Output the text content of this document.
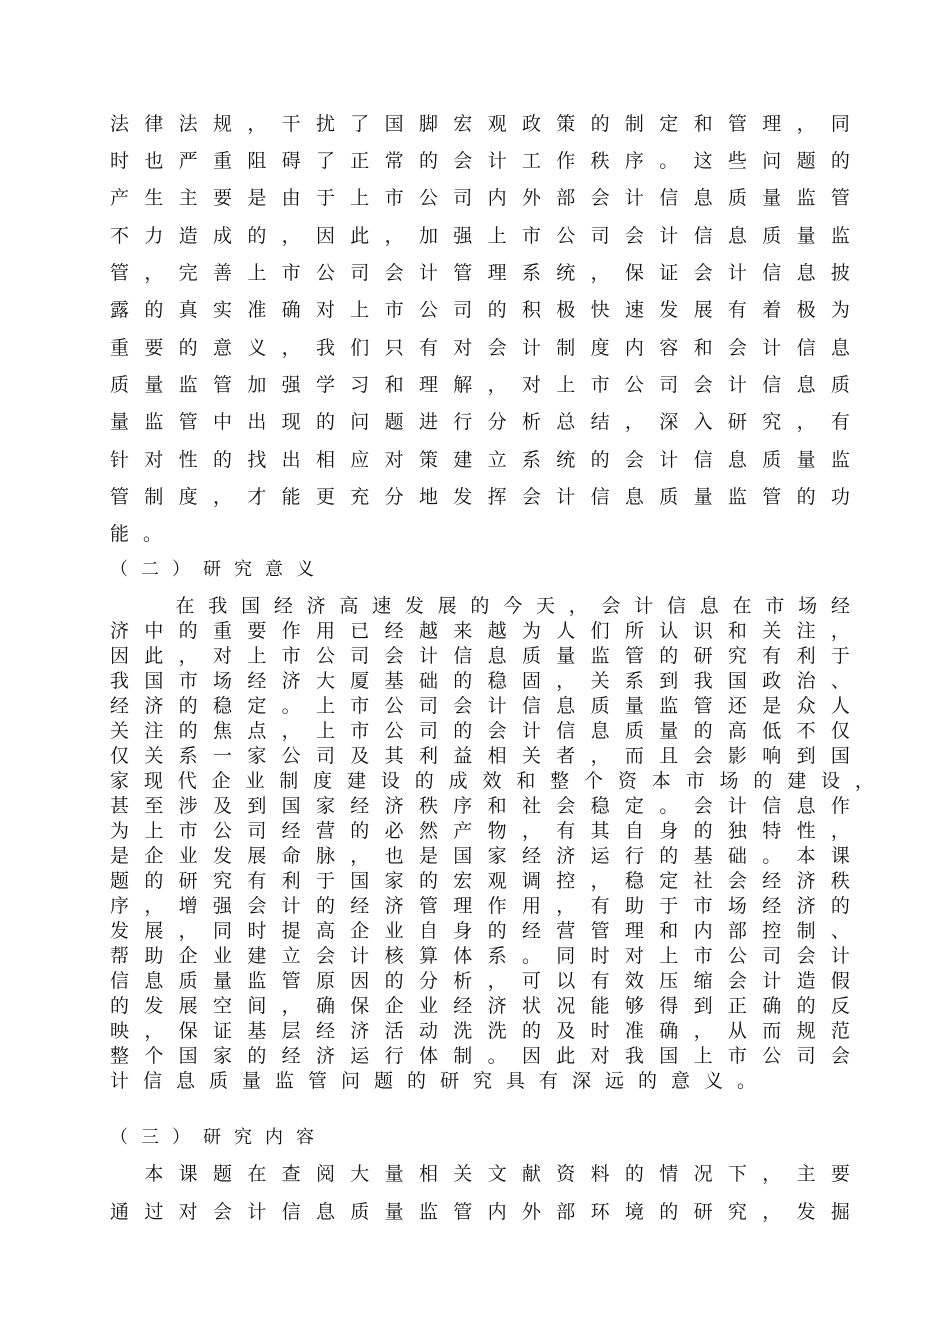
法 律 法 规 ， 干 扰 了 国 脚 宏 观 政 策 的 制 定 和 管 理 ， 同
时 也 严 重 阻 碍 了 正 常 的 会 计 工 作 秩 序 。 这 些 问 题 的
产 生 主 要 是 由 于 上 市 公 司 内 外 部 会 计 信 息 质 量 监 管
不 力 造 成 的 ， 因 此 ， 加 强 上 市 公 司 会 计 信 息 质 量 监
管 ， 完 善 上 市 公 司 会 计 管 理 系 统 ， 保 证 会 计 信 息 披
露 的 真 实 准 确 对 上 市 公 司 的 积 极 快 速 发 展 有 着 极 为
重 要 的 意 义 ， 我 们 只 有 对 会 计 制 度 内 容 和 会 计 信 息
质 量 监 管 加 强 学 习 和 理 解 ， 对 上 市 公 司 会 计 信 息 质
量 监 管 中 出 现 的 问 题 进 行 分 析 总 结 ， 深 入 研 究 ， 有
针 对 性 的 找 出 相 应 对 策 建 立 系 统 的 会 计 信 息 质 量 监
管 制 度 ， 才 能 更 充 分 地 发 挥 会 计 信 息 质 量 监 管 的 功
能。
（二）研究意义

在 我 国 经 济 高 速 发 展 的 今 天 ， 会 计 信 息 在 市 场 经
济 中 的 重 要 作 用 已 经 越 来 越 为 人 们 所 认 识 和 关 注 ，
因 此 ， 对 上 市 公 司 会 计 信 息 质 量 监 管 的 研 究 有 利 于
我 国 市 场 经 济 大 厦 基 础 的 稳 固 ， 关 系 到 我 国 政 治 、
经 济 的 稳 定 。 上 市 公 司 会 计 信 息 质 量 监 管 还 是 众 人
关 注 的 焦 点 ， 上 市 公 司 的 会 计 信 息 质 量 的 高 低 不 仅
仅 关 系 一 家 公 司 及 其 利 益 相 关 者 ， 而 且 会 影 响 到 国
家 现 代 企 业 制 度 建 设 的 成 效 和 整 个 资 本 市 场 的 建 设 ，
甚 至 涉 及 到 国 家 经 济 秩 序 和 社 会 稳 定 。 会 计 信 息 作
为 上 市 公 司 经 营 的 必 然 产 物 ， 有 其 自 身 的 独 特 性 ，
是 企 业 发 展 命 脉 ， 也 是 国 家 经 济 运 行 的 基 础 。 本 课
题 的 研 究 有 利 于 国 家 的 宏 观 调 控 ， 稳 定 社 会 经 济 秩
序 ， 增 强 会 计 的 经 济 管 理 作 用 ， 有 助 于 市 场 经 济 的
发 展 ， 同 时 提 高 企 业 自 身 的 经 营 管 理 和 内 部 控 制 、
帮 助 企 业 建 立 会 计 核 算 体 系 。 同 时 对 上 市 公 司 会 计
信 息 质 量 监 管 原 因 的 分 析 ， 可 以 有 效 压 缩 会 计 造 假
的 发 展 空 间 ， 确 保 企 业 经 济 状 况 能 够 得 到 正 确 的 反
映 ， 保 证 基 层 经 济 活 动 洗 洗 的 及 时 准 确 ， 从 而 规 范
整 个 国 家 的 经 济 运 行 体 制 。 因 此 对 我 国 上 市 公 司 会
计信息质量监管问题的研究具有深远的意义。
（三）研究内容

本 课 题 在 查 阅 大 量 相 关 文 献 资 料 的 情 况 下 ， 主 要
通 过 对 会 计 信 息 质 量 监 管 内 外 部 环 境 的 研 究 ， 发 掘
